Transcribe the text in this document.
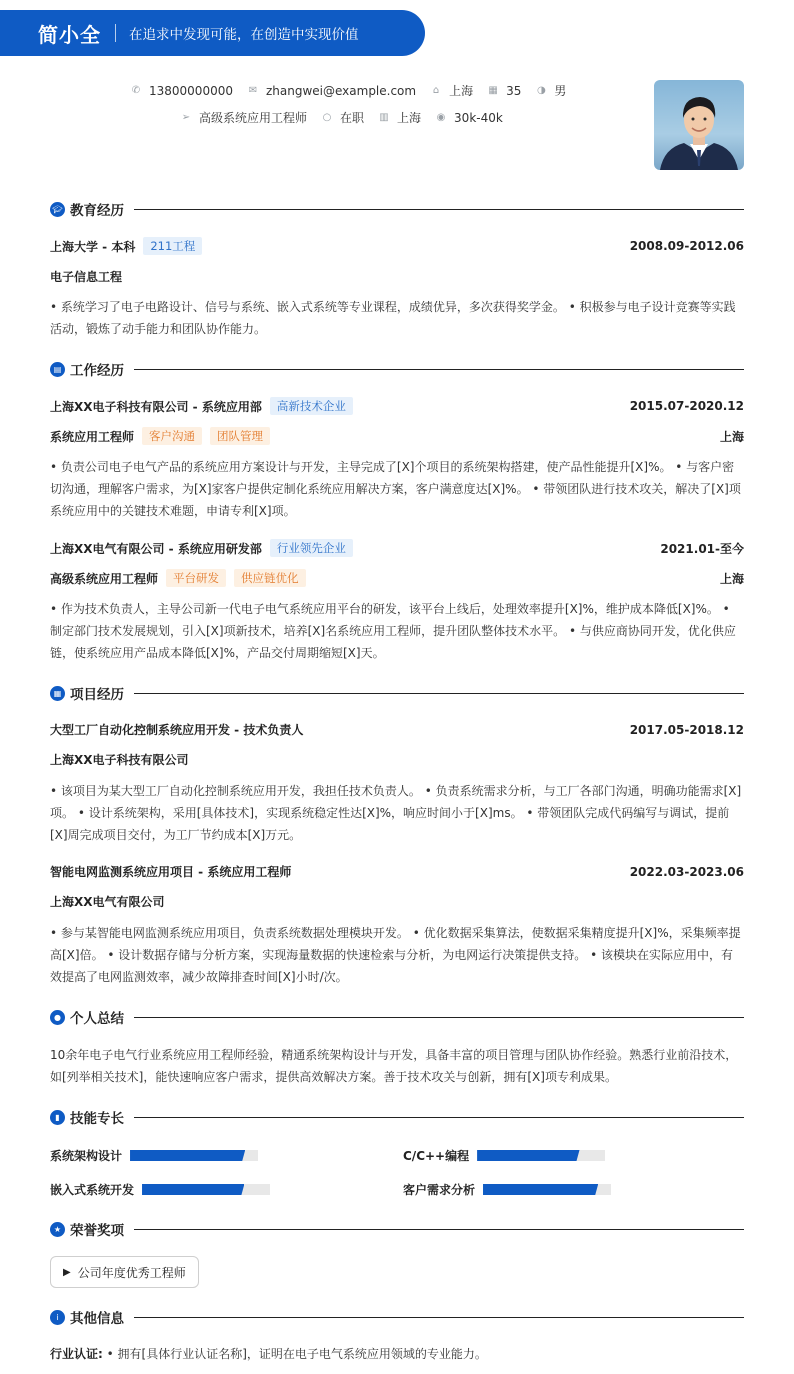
简小全 在追求中发现可能，在创造中实现价值
✆ 13800000000 ✉ zhangwei@example.com ⌂ 上海 ▦ 35 ◑ 男
➢ 高级系统应用工程师 ○ 在职 ▥ 上海 ◉ 30k-40k
🎓︎ 教育经历
上海大学 - 本科	211工程	2008.09-2012.06
电子信息工程
• 系统学习了电子电路设计、信号与系统、嵌入式系统等专业课程，成绩优异，多次获得奖学金。 • 积极参与电子设计竞赛等实践活动，锻炼了动手能力和团队协作能力。
▤ 工作经历
上海XX电子科技有限公司 - 系统应用部	高新技术企业	2015.07-2020.12
系统应用工程师	客户沟通	团队管理	上海
• 负责公司电子电气产品的系统应用方案设计与开发，主导完成了[X]个项目的系统架构搭建，使产品性能提升[X]%。 • 与客户密切沟通，理解客户需求，为[X]家客户提供定制化系统应用解决方案，客户满意度达[X]%。 • 带领团队进行技术攻关，解决了[X]项系统应用中的关键技术难题，申请专利[X]项。
上海XX电气有限公司 - 系统应用研发部	行业领先企业	2021.01-至今
高级系统应用工程师	平台研发	供应链优化	上海
• 作为技术负责人，主导公司新一代电子电气系统应用平台的研发，该平台上线后，处理效率提升[X]%，维护成本降低[X]%。 • 制定部门技术发展规划，引入[X]项新技术，培养[X]名系统应用工程师，提升团队整体技术水平。 • 与供应商协同开发，优化供应链，使系统应用产品成本降低[X]%，产品交付周期缩短[X]天。
▦ 项目经历
大型工厂自动化控制系统应用开发 - 技术负责人	2017.05-2018.12
上海XX电子科技有限公司
• 该项目为某大型工厂自动化控制系统应用开发，我担任技术负责人。 • 负责系统需求分析，与工厂各部门沟通，明确功能需求[X]项。 • 设计系统架构，采用[具体技术]，实现系统稳定性达[X]%，响应时间小于[X]ms。 • 带领团队完成代码编写与调试，提前[X]周完成项目交付，为工厂节约成本[X]万元。
智能电网监测系统应用项目 - 系统应用工程师	2022.03-2023.06
上海XX电气有限公司
• 参与某智能电网监测系统应用项目，负责系统数据处理模块开发。 • 优化数据采集算法，使数据采集精度提升[X]%，采集频率提高[X]倍。 • 设计数据存储与分析方案，实现海量数据的快速检索与分析，为电网运行决策提供支持。 • 该模块在实际应用中，有效提高了电网监测效率，减少故障排查时间[X]小时/次。
● 个人总结
10余年电子电气行业系统应用工程师经验，精通系统架构设计与开发，具备丰富的项目管理与团队协作经验。熟悉行业前沿技术，如[列举相关技术]，能快速响应客户需求，提供高效解决方案。善于技术攻关与创新，拥有[X]项专利成果。
▮ 技能专长
系统架构设计	C/C++编程
嵌入式系统开发	客户需求分析
★ 荣誉奖项
▶ 公司年度优秀工程师
i 其他信息
行业认证: • 拥有[具体行业认证名称]，证明在电子电气系统应用领域的专业能力。
